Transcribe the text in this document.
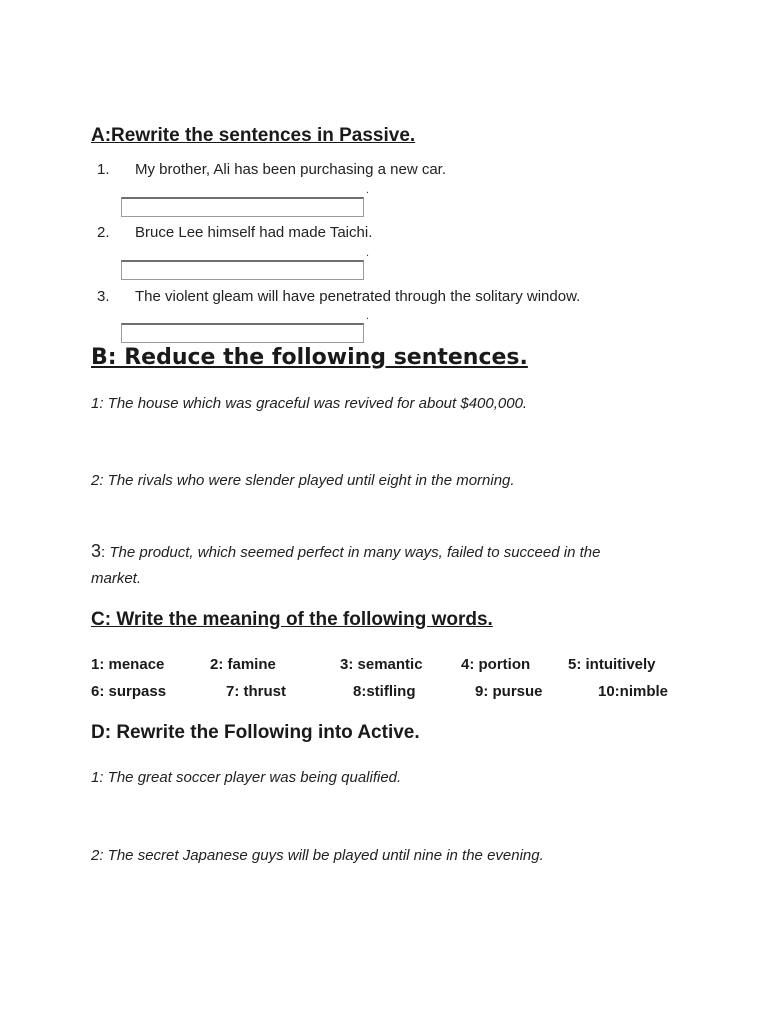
A:Rewrite the sentences in Passive.
1. My brother, Ali has been purchasing a new car.
.
2. Bruce Lee himself had made Taichi.
.
3. The violent gleam will have penetrated through the solitary window.
.
B: Reduce the following sentences.
1: The house which was graceful was revived for about $400,000.
2: The rivals who were slender played until eight in the morning.
3: The product, which seemed perfect in many ways, failed to succeed in the
market.
C: Write the meaning of the following words.
1: menace	2: famine	3: semantic	4: portion	5: intuitively
6: surpass	7: thrust	8:stifling	9: pursue	10:nimble
D: Rewrite the Following into Active.
1: The great soccer player was being qualified.
2: The secret Japanese guys will be played until nine in the evening.
